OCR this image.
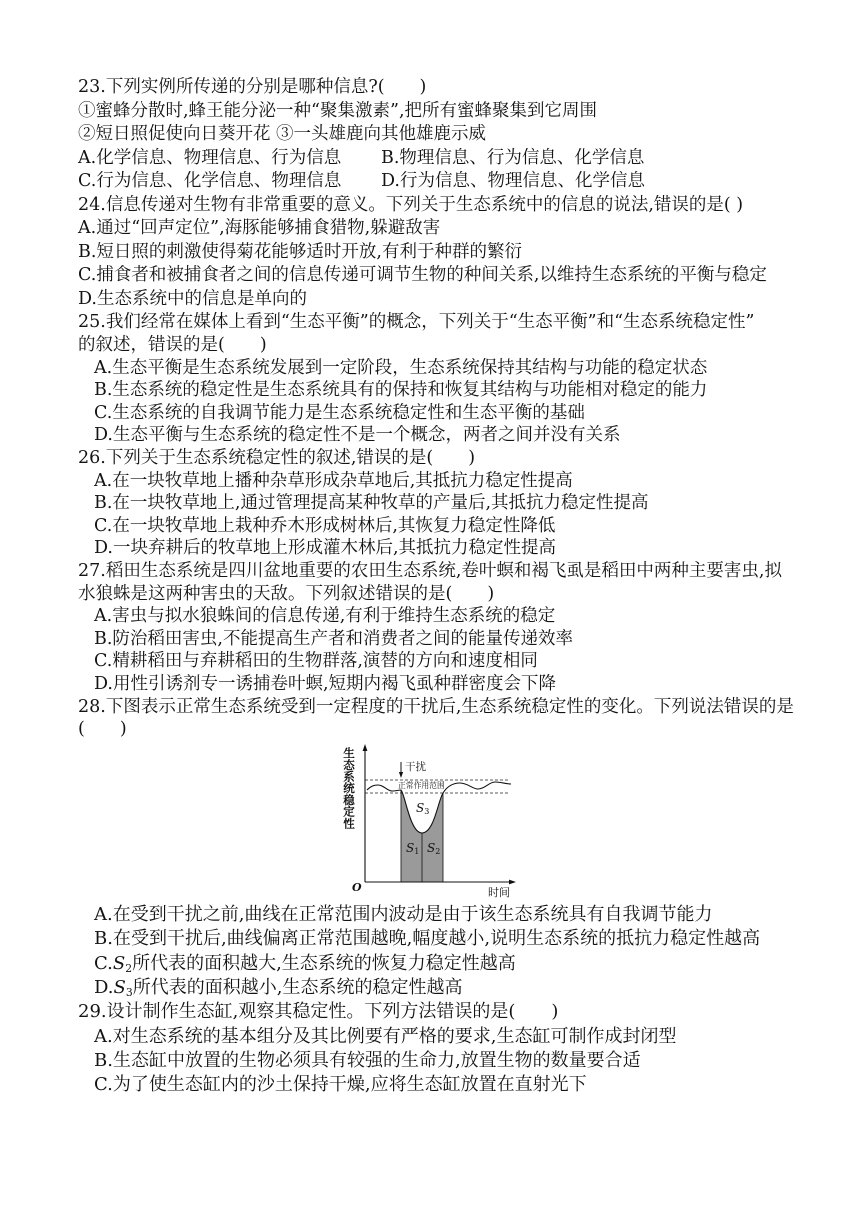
23.下列实例所传递的分别是哪种信息?(　　)
①蜜蜂分散时,蜂王能分泌一种“聚集激素”,把所有蜜蜂聚集到它周围
②短日照促使向日葵开花 ③一头雄鹿向其他雄鹿示威
A.化学信息、物理信息、行为信息 B.物理信息、行为信息、化学信息
C.行为信息、化学信息、物理信息 D.行为信息、物理信息、化学信息
24.信息传递对生物有非常重要的意义。下列关于生态系统中的信息的说法,错误的是( )
A.通过“回声定位”,海豚能够捕食猎物,躲避敌害
B.短日照的刺激使得菊花能够适时开放,有利于种群的繁衍
C.捕食者和被捕食者之间的信息传递可调节生物的种间关系,以维持生态系统的平衡与稳定
D.生态系统中的信息是单向的
25.我们经常在媒体上看到“生态平衡”的概念，下列关于“生态平衡”和“生态系统稳定性”
的叙述，错误的是(　　)
A.生态平衡是生态系统发展到一定阶段，生态系统保持其结构与功能的稳定状态
B.生态系统的稳定性是生态系统具有的保持和恢复其结构与功能相对稳定的能力
C.生态系统的自我调节能力是生态系统稳定性和生态平衡的基础
D.生态平衡与生态系统的稳定性不是一个概念，两者之间并没有关系
26.下列关于生态系统稳定性的叙述,错误的是(　　)
A.在一块牧草地上播种杂草形成杂草地后,其抵抗力稳定性提高
B.在一块牧草地上,通过管理提高某种牧草的产量后,其抵抗力稳定性提高
C.在一块牧草地上栽种乔木形成树林后,其恢复力稳定性降低
D.一块弃耕后的牧草地上形成灌木林后,其抵抗力稳定性提高
27.稻田生态系统是四川盆地重要的农田生态系统,卷叶螟和褐飞虱是稻田中两种主要害虫,拟
水狼蛛是这两种害虫的天敌。下列叙述错误的是(　　)
A.害虫与拟水狼蛛间的信息传递,有利于维持生态系统的稳定
B.防治稻田害虫,不能提高生产者和消费者之间的能量传递效率
C.精耕稻田与弃耕稻田的生物群落,演替的方向和速度相同
D.用性引诱剂专一诱捕卷叶螟,短期内褐飞虱种群密度会下降
28.下图表示正常生态系统受到一定程度的干扰后,生态系统稳定性的变化。下列说法错误的是
(　　)
生态系统稳定性
O	时间
干扰
正常作用范围
$S_3$
$S_1$ $S_2$
A.在受到干扰之前,曲线在正常范围内波动是由于该生态系统具有自我调节能力
B.在受到干扰后,曲线偏离正常范围越晚,幅度越小,说明生态系统的抵抗力稳定性越高
C.S2所代表的面积越大,生态系统的恢复力稳定性越高
D.S3所代表的面积越小,生态系统的稳定性越高
29.设计制作生态缸,观察其稳定性。下列方法错误的是(　　)
A.对生态系统的基本组分及其比例要有严格的要求,生态缸可制作成封闭型
B.生态缸中放置的生物必须具有较强的生命力,放置生物的数量要合适
C.为了使生态缸内的沙土保持干燥,应将生态缸放置在直射光下
